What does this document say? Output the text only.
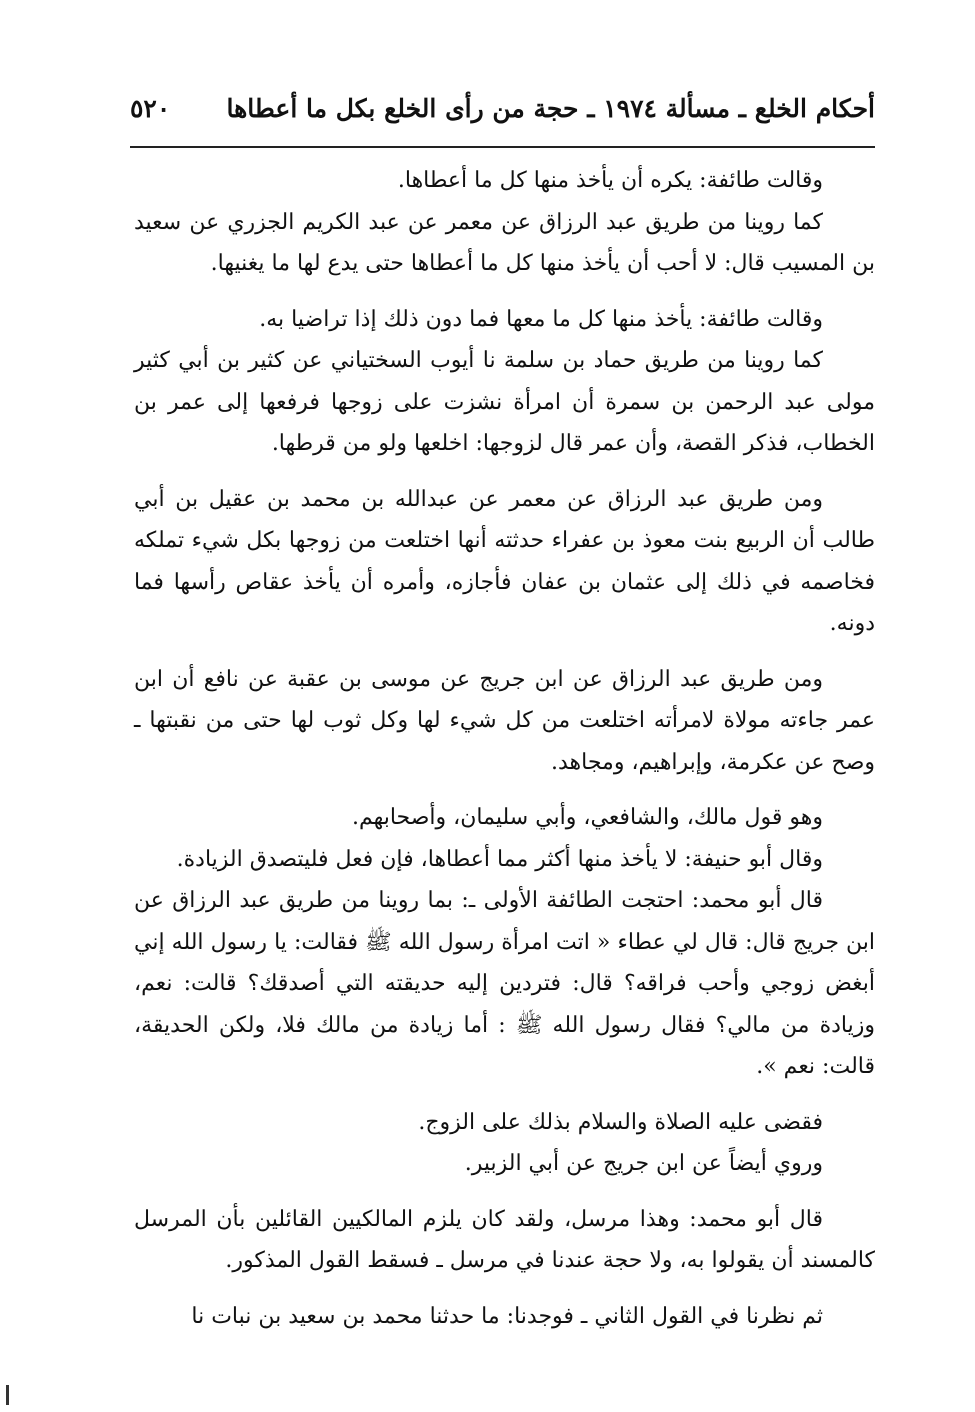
٥٢٠ أحكام الخلع ـ مسألة ١٩٧٤ ـ حجة من رأى الخلع بكل ما أعطاها

وقالت طائفة: يكره أن يأخذ منها كل ما أعطاها.

كما روينا من طريق عبد الرزاق عن معمر عن عبد الكريم الجزري عن سعيد بن المسيب قال: لا أحب أن يأخذ منها كل ما أعطاها حتى يدع لها ما يغنيها.

وقالت طائفة: يأخذ منها كل ما معها فما دون ذلك إذا تراضيا به.

كما روينا من طريق حماد بن سلمة نا أيوب السختياني عن كثير بن أبي كثير مولى عبد الرحمن بن سمرة أن امرأة نشزت على زوجها فرفعها إلى عمر بن الخطاب، فذكر القصة، وأن عمر قال لزوجها: اخلعها ولو من قرطها.

ومن طريق عبد الرزاق عن معمر عن عبدالله بن محمد بن عقيل بن أبي طالب أن الربيع بنت معوذ بن عفراء حدثته أنها اختلعت من زوجها بكل شيء تملكه فخاصمه في ذلك إلى عثمان بن عفان فأجازه، وأمره أن يأخذ عقاص رأسها فما دونه.

ومن طريق عبد الرزاق عن ابن جريج عن موسى بن عقبة عن نافع أن ابن عمر جاءته مولاة لامرأته اختلعت من كل شيء لها وكل ثوب لها حتى من نقبتها ـ وصح عن عكرمة، وإبراهيم، ومجاهد.

وهو قول مالك، والشافعي، وأبي سليمان، وأصحابهم.

وقال أبو حنيفة: لا يأخذ منها أكثر مما أعطاها، فإن فعل فليتصدق الزيادة.

قال أبو محمد: احتجت الطائفة الأولى ـ: بما روينا من طريق عبد الرزاق عن ابن جريج قال: قال لي عطاء « اتت امرأة رسول الله ﷺ فقالت: يا رسول الله إني أبغض زوجي وأحب فراقه؟ قال: فتردين إليه حديقته التي أصدقك؟ قالت: نعم، وزيادة من مالي؟ فقال رسول الله ﷺ : أما زيادة من مالك فلا، ولكن الحديقة، قالت: نعم ».

فقضى عليه الصلاة والسلام بذلك على الزوج.

وروي أيضاً عن ابن جريج عن أبي الزبير.

قال أبو محمد: وهذا مرسل، ولقد كان يلزم المالكيين القائلين بأن المرسل كالمسند أن يقولوا به، ولا حجة عندنا في مرسل ـ فسقط القول المذكور.

ثم نظرنا في القول الثاني ـ فوجدنا: ما حدثنا محمد بن سعيد بن نبات نا
